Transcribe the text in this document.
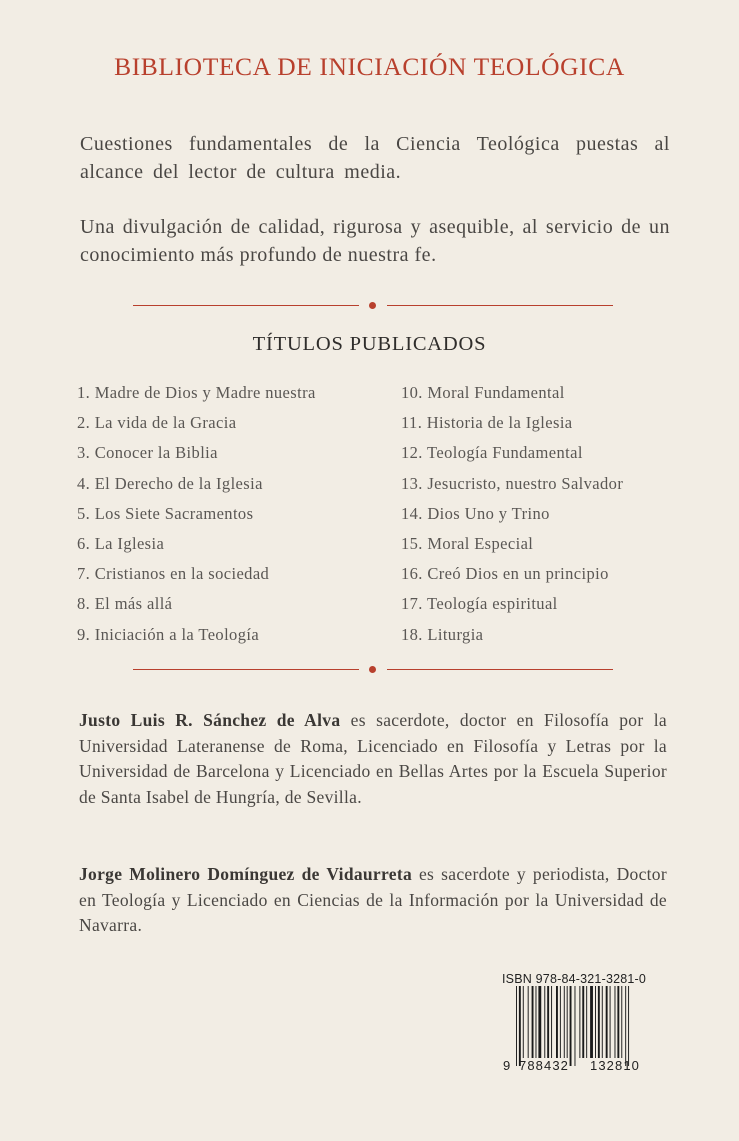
BIBLIOTECA DE INICIACIÓN TEOLÓGICA

Cuestiones fundamentales de la Ciencia Teológica puestas al alcance del lector de cultura media.

Una divulgación de calidad, rigurosa y asequible, al servicio de un conocimiento más profundo de nuestra fe.

TÍTULOS PUBLICADOS
1. Madre de Dios y Madre nuestra
2. La vida de la Gracia
3. Conocer la Biblia
4. El Derecho de la Iglesia
5. Los Siete Sacramentos
6. La Iglesia
7. Cristianos en la sociedad
8. El más allá
9. Iniciación a la Teología
10. Moral Fundamental
11. Historia de la Iglesia
12. Teología Fundamental
13. Jesucristo, nuestro Salvador
14. Dios Uno y Trino
15. Moral Especial
16. Creó Dios en un principio
17. Teología espiritual
18. Liturgia

Justo Luis R. Sánchez de Alva es sacerdote, doctor en Filosofía por la Universidad Lateranense de Roma, Licenciado en Filosofía y Letras por la Universidad de Barcelona y Licenciado en Bellas Artes por la Escuela Superior de Santa Isabel de Hungría, de Sevilla.

Jorge Molinero Domínguez de Vidaurreta es sacerdote y periodista, Doctor en Teología y Licenciado en Ciencias de la Información por la Universidad de Navarra.

ISBN 978-84-321-3281-0
9 788432 132810
